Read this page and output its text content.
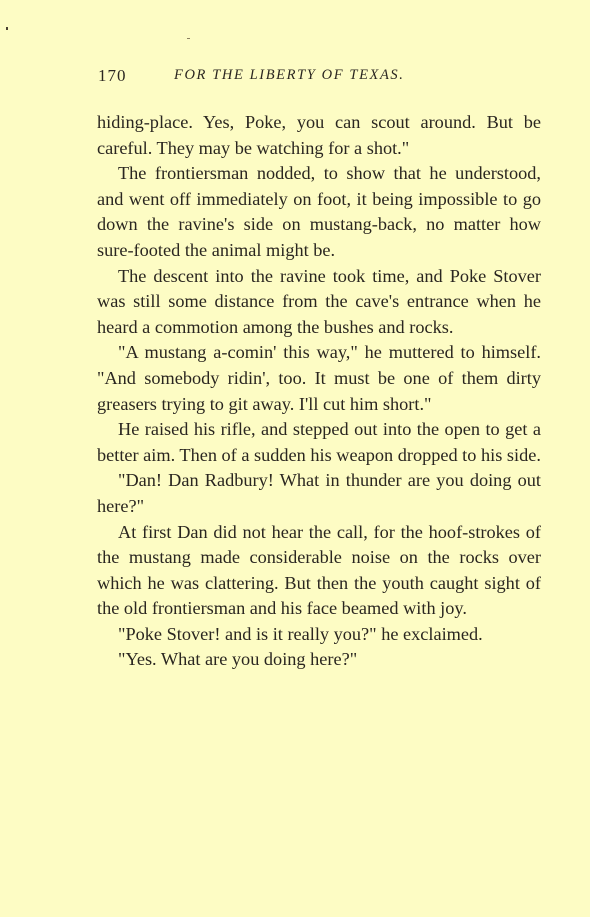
170	FOR THE LIBERTY OF TEXAS.

hiding-place. Yes, Poke, you can scout around. But be careful. They may be watching for a shot."

The frontiersman nodded, to show that he understood, and went off immediately on foot, it being impossible to go down the ravine's side on mustang-back, no matter how sure-footed the animal might be.

The descent into the ravine took time, and Poke Stover was still some distance from the cave's entrance when he heard a commotion among the bushes and rocks.

"A mustang a-comin' this way," he muttered to himself. "And somebody ridin', too. It must be one of them dirty greasers trying to git away. I'll cut him short."

He raised his rifle, and stepped out into the open to get a better aim. Then of a sudden his weapon dropped to his side.

"Dan! Dan Radbury! What in thunder are you doing out here?"

At first Dan did not hear the call, for the hoof-strokes of the mustang made considerable noise on the rocks over which he was clattering. But then the youth caught sight of the old frontiersman and his face beamed with joy.

"Poke Stover! and is it really you?" he exclaimed.

"Yes. What are you doing here?"
